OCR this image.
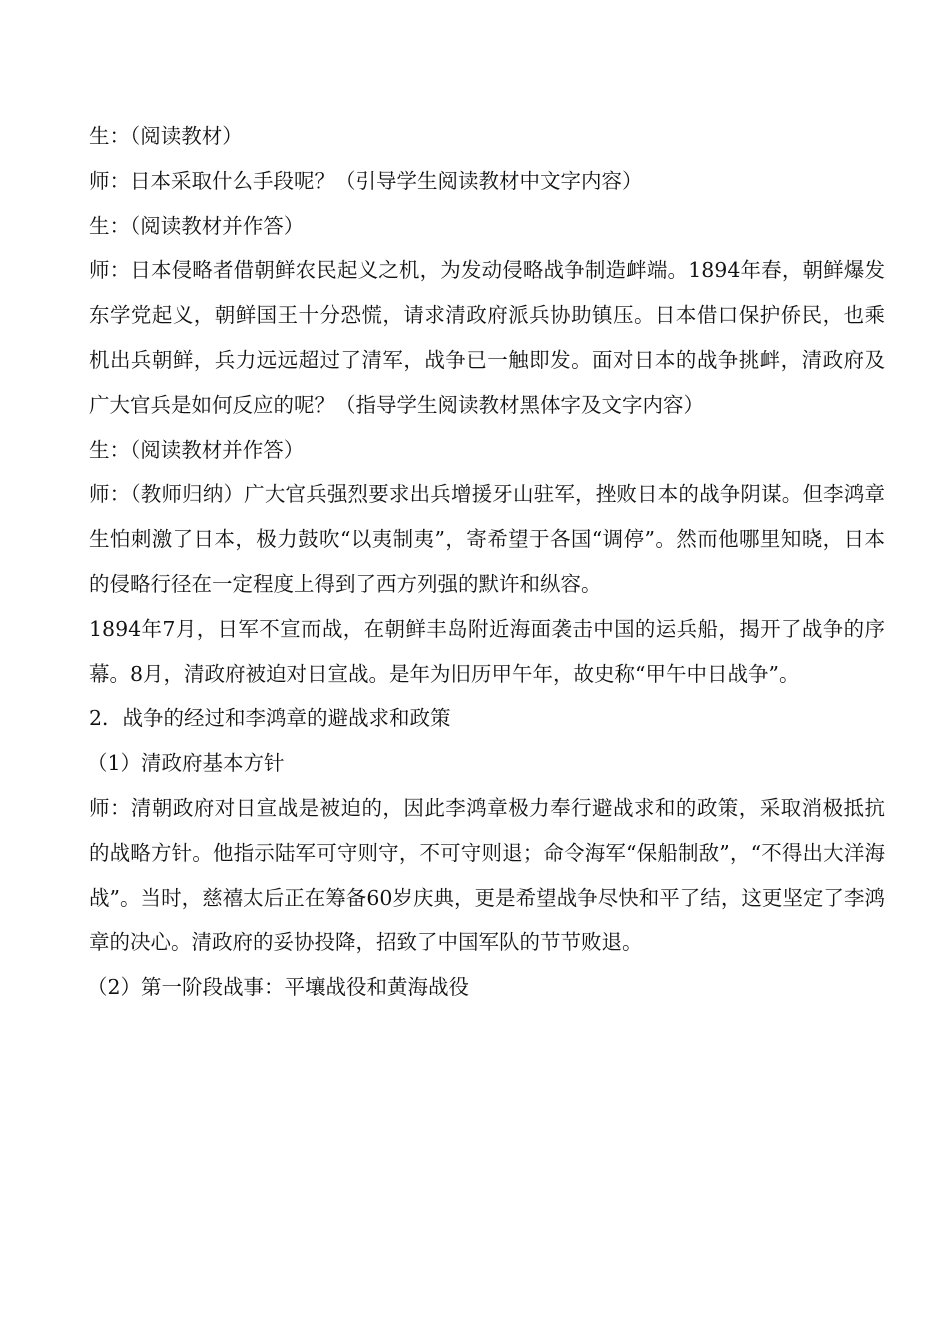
生：（阅读教材）

师：日本采取什么手段呢？（引导学生阅读教材中文字内容）

生：（阅读教材并作答）

师：日本侵略者借朝鲜农民起义之机，为发动侵略战争制造衅端。1894年春，朝鲜爆发东学党起义，朝鲜国王十分恐慌，请求清政府派兵协助镇压。日本借口保护侨民，也乘机出兵朝鲜，兵力远远超过了清军，战争已一触即发。面对日本的战争挑衅，清政府及广大官兵是如何反应的呢？（指导学生阅读教材黑体字及文字内容）

生：（阅读教材并作答）

师：（教师归纳）广大官兵强烈要求出兵增援牙山驻军，挫败日本的战争阴谋。但李鸿章生怕刺激了日本，极力鼓吹“以夷制夷”，寄希望于各国“调停”。然而他哪里知晓，日本的侵略行径在一定程度上得到了西方列强的默许和纵容。

1894年7月，日军不宣而战，在朝鲜丰岛附近海面袭击中国的运兵船，揭开了战争的序幕。8月，清政府被迫对日宣战。是年为旧历甲午年，故史称“甲午中日战争”。

2．战争的经过和李鸿章的避战求和政策

（1）清政府基本方针

师：清朝政府对日宣战是被迫的，因此李鸿章极力奉行避战求和的政策，采取消极抵抗的战略方针。他指示陆军可守则守，不可守则退；命令海军“保船制敌”，“不得出大洋海战”。当时，慈禧太后正在筹备60岁庆典，更是希望战争尽快和平了结，这更坚定了李鸿章的决心。清政府的妥协投降，招致了中国军队的节节败退。

（2）第一阶段战事：平壤战役和黄海战役
